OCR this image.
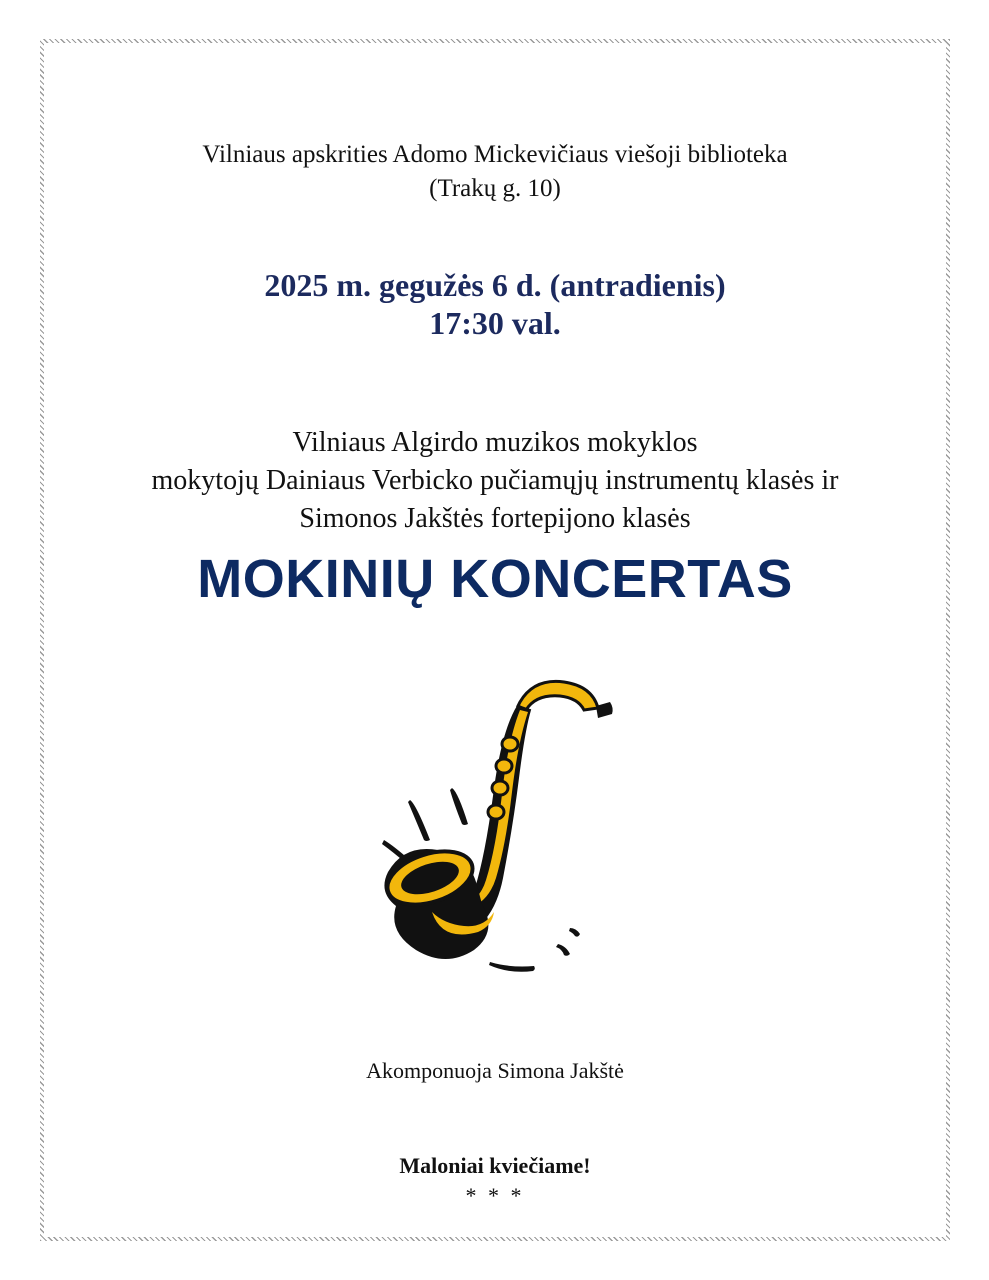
Vilniaus apskrities Adomo Mickevičiaus viešoji biblioteka
(Trakų g. 10)
2025 m. gegužės 6 d. (antradienis)
17:30 val.
Vilniaus Algirdo muzikos mokyklos
mokytojų Dainiaus Verbicko pučiamųjų instrumentų klasės ir
Simonos Jakštės fortepijono klasės
MOKINIŲ KONCERTAS
Akomponuoja Simona Jakštė
Maloniai kviečiame!
* * *
